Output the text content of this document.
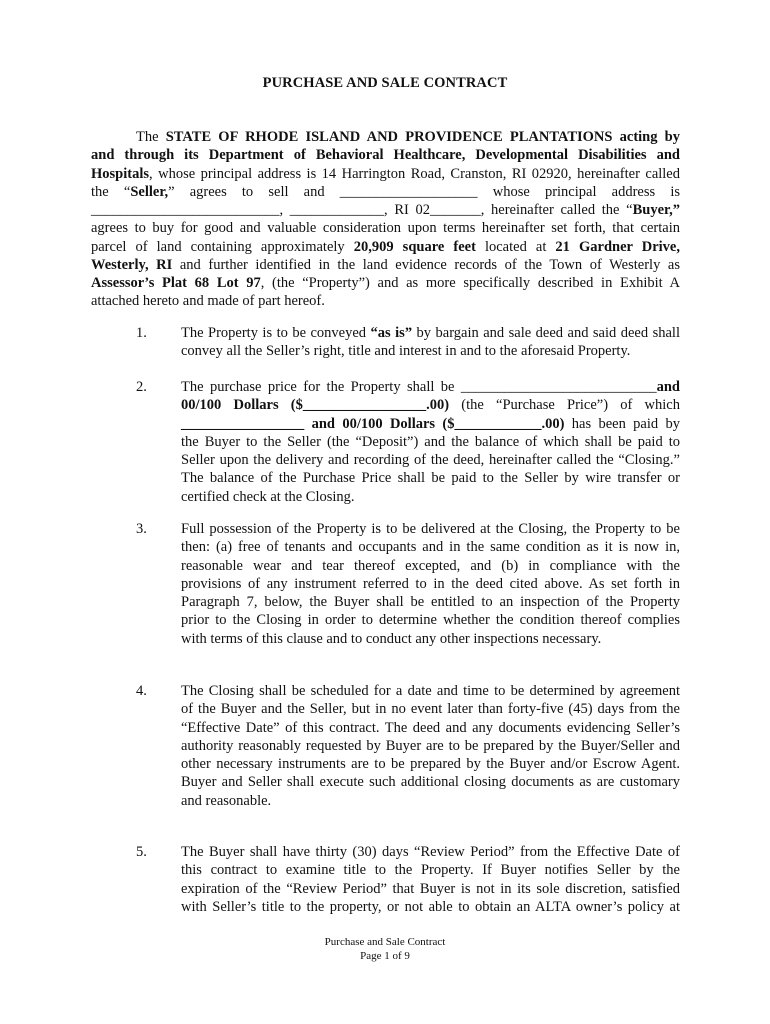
PURCHASE AND SALE CONTRACT
The STATE OF RHODE ISLAND AND PROVIDENCE PLANTATIONS acting by
and through its Department of Behavioral Healthcare, Developmental Disabilities and
Hospitals, whose principal address is 14 Harrington Road, Cranston, RI 02920, hereinafter called
the “Seller,” agrees to sell and ___________________ whose principal address is
__________________________, _____________, RI 02_______, hereinafter called the “Buyer,”
agrees to buy for good and valuable consideration upon terms hereinafter set forth, that certain
parcel of land containing approximately 20,909 square feet located at 21 Gardner Drive,
Westerly, RI and further identified in the land evidence records of the Town of Westerly as
Assessor’s Plat 68 Lot 97, (the “Property”) and as more specifically described in Exhibit A
attached hereto and made of part hereof.
1. The Property is to be conveyed “as is” by bargain and sale deed and said deed shall
convey all the Seller’s right, title and interest in and to the aforesaid Property.
2. The purchase price for the Property shall be ___________________________and
00/100 Dollars ($_________________.00) (the “Purchase Price”) of which
_________________ and 00/100 Dollars ($____________.00) has been paid by
the Buyer to the Seller (the “Deposit”) and the balance of which shall be paid to
Seller upon the delivery and recording of the deed, hereinafter called the “Closing.”
The balance of the Purchase Price shall be paid to the Seller by wire transfer or
certified check at the Closing.
3. Full possession of the Property is to be delivered at the Closing, the Property to be
then: (a) free of tenants and occupants and in the same condition as it is now in,
reasonable wear and tear thereof excepted, and (b) in compliance with the
provisions of any instrument referred to in the deed cited above. As set forth in
Paragraph 7, below, the Buyer shall be entitled to an inspection of the Property
prior to the Closing in order to determine whether the condition thereof complies
with terms of this clause and to conduct any other inspections necessary.
4. The Closing shall be scheduled for a date and time to be determined by agreement
of the Buyer and the Seller, but in no event later than forty-five (45) days from the
“Effective Date” of this contract. The deed and any documents evidencing Seller’s
authority reasonably requested by Buyer are to be prepared by the Buyer/Seller and
other necessary instruments are to be prepared by the Buyer and/or Escrow Agent.
Buyer and Seller shall execute such additional closing documents as are customary
and reasonable.
5. The Buyer shall have thirty (30) days “Review Period” from the Effective Date of
this contract to examine title to the Property. If Buyer notifies Seller by the
expiration of the “Review Period” that Buyer is not in its sole discretion, satisfied
with Seller’s title to the property, or not able to obtain an ALTA owner’s policy at
Purchase and Sale Contract
Page 1 of 9
